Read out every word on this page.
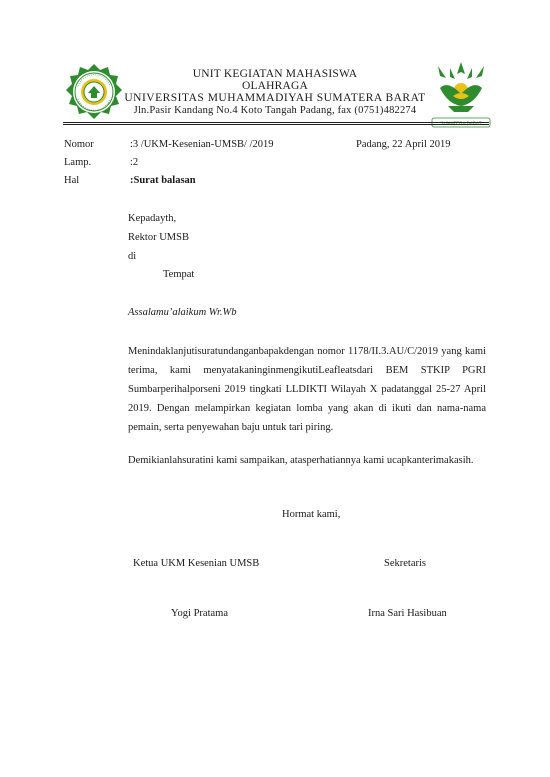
SUMATERA BARAT
UNIT KEGIATAN MAHASISWA
OLAHRAGA
UNIVERSITAS MUHAMMADIYAH SUMATERA BARAT
Jln.Pasir Kandang No.4 Koto Tangah Padang, fax (0751)482274
Nomor	:3 /UKM-Kesenian-UMSB/ /2019	Padang, 22 April 2019
Lamp.	:2
Hal	:Surat balasan
Kepadayth,
Rektor UMSB
di
Tempat
Assalamu’alaikum Wr.Wb
Menindaklanjutisuratundanganbapakdengan nomor 1178/II.3.AU/C/2019 yang kami terima, kami menyatakaninginmengikutiLeafleatsdari BEM STKIP PGRI Sumbarperihalporseni 2019 tingkati LLDIKTI Wilayah X padatanggal 25-27 April 2019. Dengan melampirkan kegiatan lomba yang akan di ikuti dan nama-nama pemain, serta penyewahan baju untuk tari piring.
Demikianlahsuratini kami sampaikan, atasperhatiannya kami ucapkanterimakasih.
Hormat kami,
Ketua UKM Kesenian UMSB	Sekretaris
Yogi Pratama	Irna Sari Hasibuan
